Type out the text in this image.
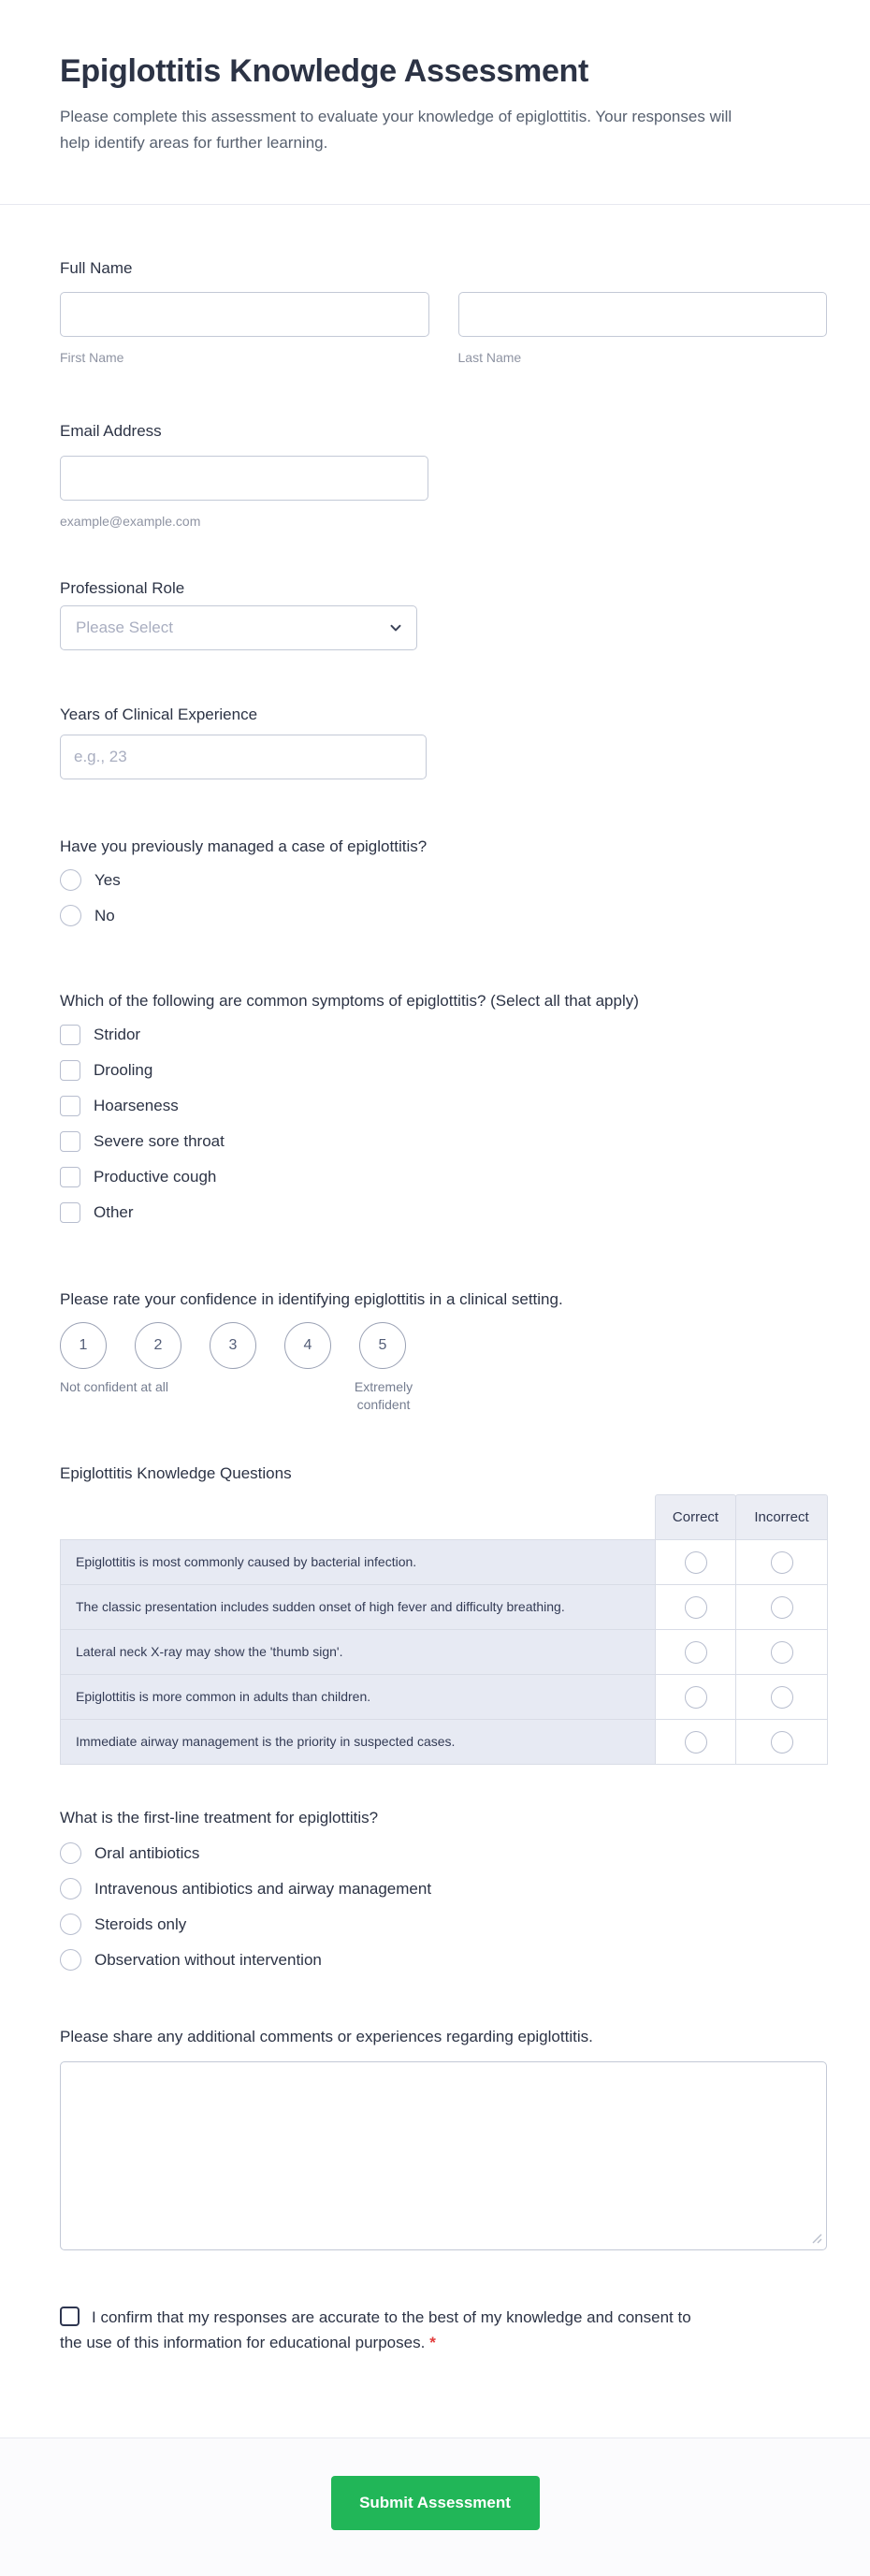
Epiglottitis Knowledge Assessment

Please complete this assessment to evaluate your knowledge of epiglottitis. Your responses will help identify areas for further learning.

Full Name
First Name	Last Name
Email Address
example@example.com
Professional Role
Please Select
Years of Clinical Experience
e.g., 23
Have you previously managed a case of epiglottitis?
Yes
No
Which of the following are common symptoms of epiglottitis? (Select all that apply)
Stridor
Drooling
Hoarseness
Severe sore throat
Productive cough
Other
Please rate your confidence in identifying epiglottitis in a clinical setting.
1	2	3	4	5
Not confident at all	Extremely confident
Epiglottitis Knowledge Questions
Correct	Incorrect
Epiglottitis is most commonly caused by bacterial infection.
The classic presentation includes sudden onset of high fever and difficulty breathing.
Lateral neck X-ray may show the 'thumb sign'.
Epiglottitis is more common in adults than children.
Immediate airway management is the priority in suspected cases.
What is the first-line treatment for epiglottitis?
Oral antibiotics
Intravenous antibiotics and airway management
Steroids only
Observation without intervention
Please share any additional comments or experiences regarding epiglottitis.

I confirm that my responses are accurate to the best of my knowledge and consent to the use of this information for educational purposes. *

Submit Assessment
